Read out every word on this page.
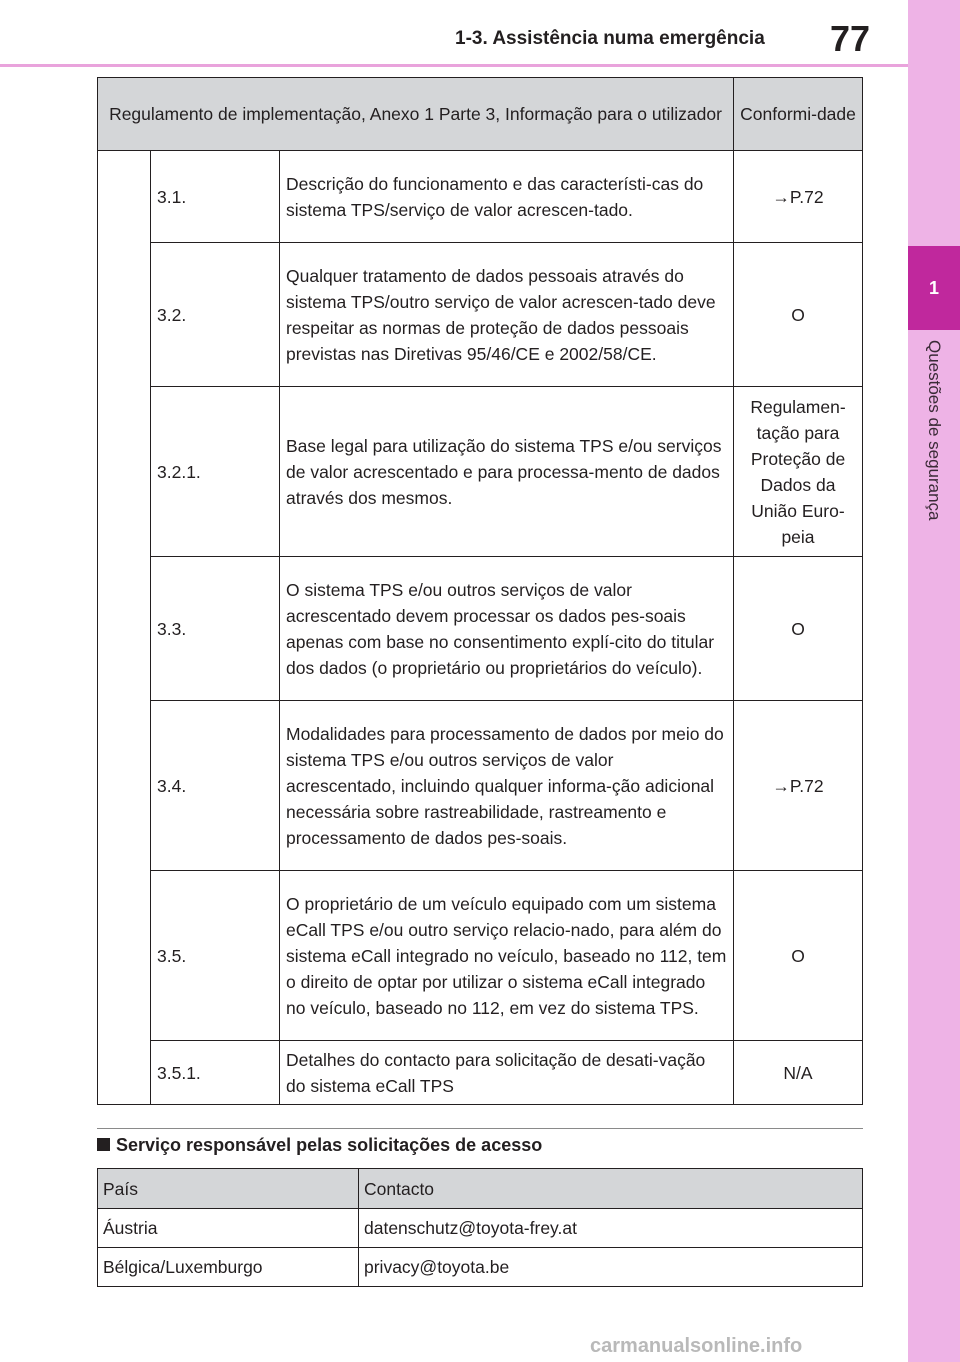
1-3. Assistência numa emergência 77
1
Questões de segurança
Regulamento de implementação, Anexo 1 Parte 3, Informação para o utilizador			Conformi-dade
	3.1.	Descrição do funcionamento e das característi-cas do sistema TPS/serviço de valor acrescen-tado.	→P.72
	3.2.	Qualquer tratamento de dados pessoais através do sistema TPS/outro serviço de valor acrescen-tado deve respeitar as normas de proteção de dados pessoais previstas nas Diretivas 95/46/CE e 2002/58/CE.	O
	3.2.1.	Base legal para utilização do sistema TPS e/ou serviços de valor acrescentado e para processa-mento de dados através dos mesmos.	Regulamen-tação para Proteção de Dados da União Euro-peia
	3.3.	O sistema TPS e/ou outros serviços de valor acrescentado devem processar os dados pes-soais apenas com base no consentimento explí-cito do titular dos dados (o proprietário ou proprietários do veículo).	O
	3.4.	Modalidades para processamento de dados por meio do sistema TPS e/ou outros serviços de valor acrescentado, incluindo qualquer informa-ção adicional necessária sobre rastreabilidade, rastreamento e processamento de dados pes-soais.	→P.72
	3.5.	O proprietário de um veículo equipado com um sistema eCall TPS e/ou outro serviço relacio-nado, para além do sistema eCall integrado no veículo, baseado no 112, tem o direito de optar por utilizar o sistema eCall integrado no veículo, baseado no 112, em vez do sistema TPS.	O
	3.5.1.	Detalhes do contacto para solicitação de desati-vação do sistema eCall TPS	N/A
Serviço responsável pelas solicitações de acesso
País	Contacto
Áustria	datenschutz@toyota-frey.at
Bélgica/Luxemburgo	privacy@toyota.be
carmanualsonline.info
